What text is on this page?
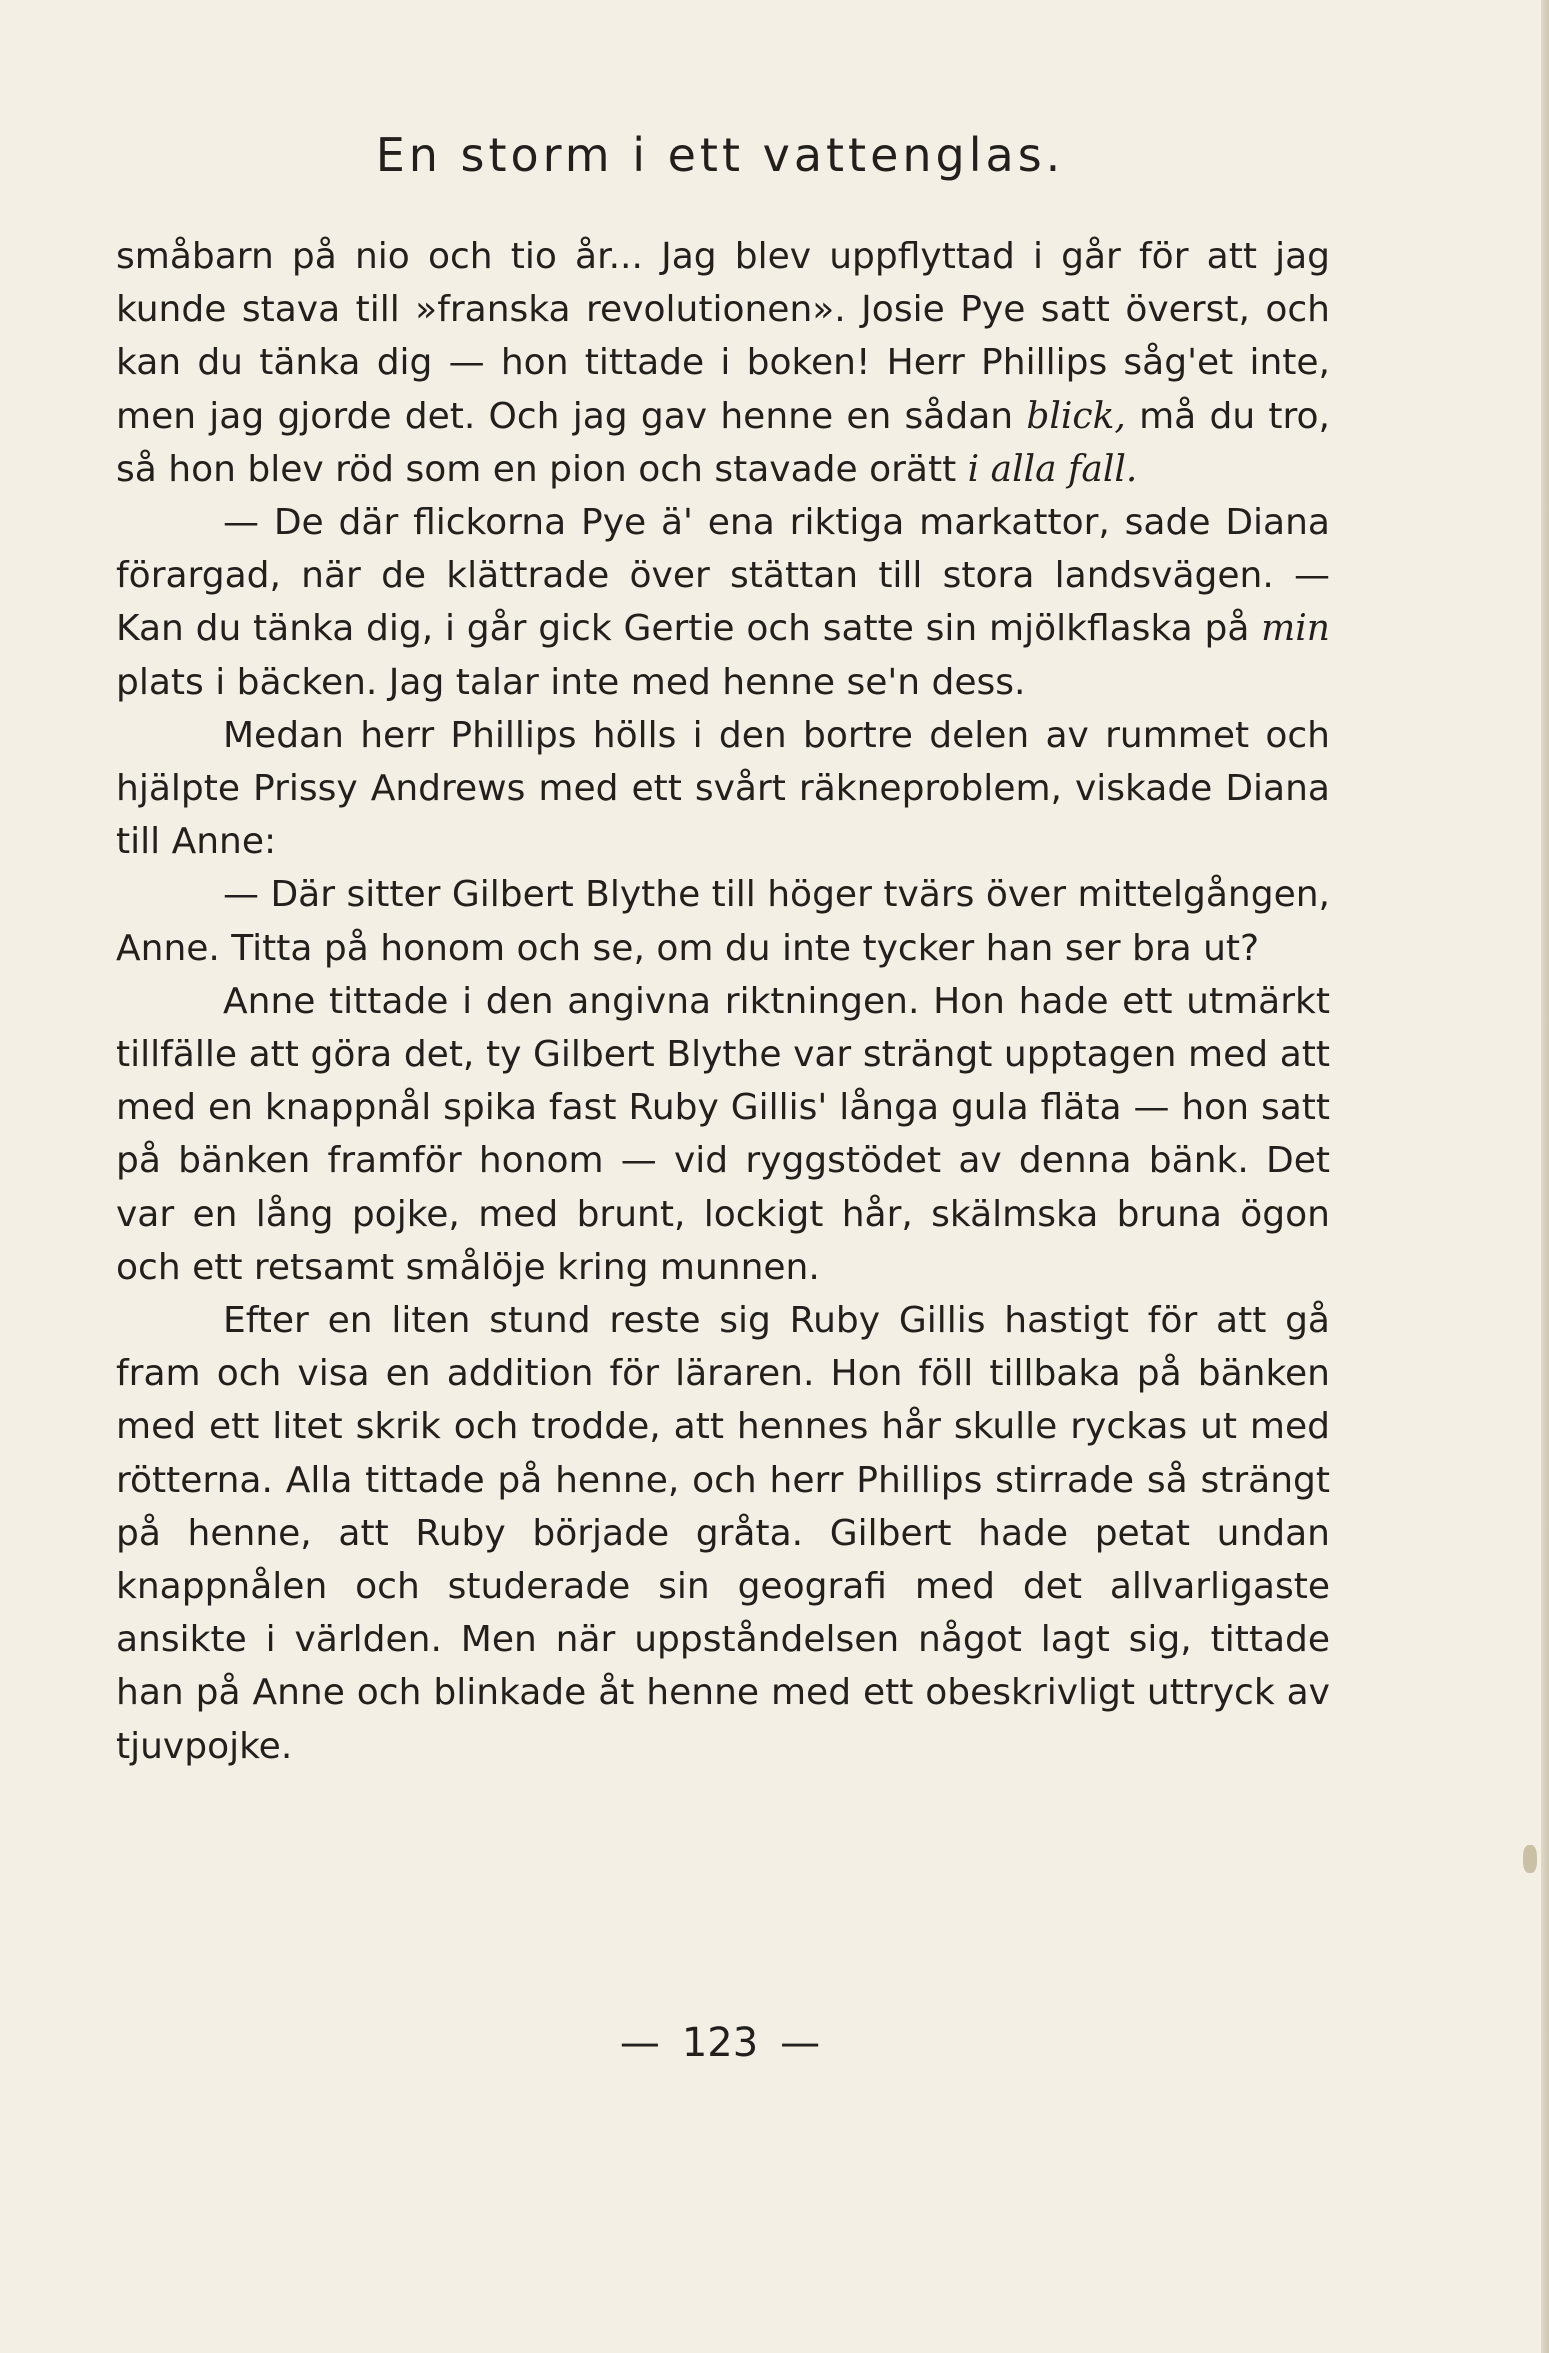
En storm i ett vattenglas.

småbarn på nio och tio år... Jag blev uppflyttad i går för att jag kunde stava till »franska revolutionen». Josie Pye satt överst, och kan du tänka dig — hon tittade i boken! Herr Phillips såg'et inte, men jag gjorde det. Och jag gav henne en sådan blick, må du tro, så hon blev röd som en pion och stavade orätt i alla fall.

— De där flickorna Pye ä' ena riktiga markattor, sade Diana förargad, när de klättrade över stättan till stora landsvägen. — Kan du tänka dig, i går gick Gertie och satte sin mjölkflaska på min plats i bäcken. Jag talar inte med henne se'n dess.

Medan herr Phillips hölls i den bortre delen av rummet och hjälpte Prissy Andrews med ett svårt räkneproblem, viskade Diana till Anne:

— Där sitter Gilbert Blythe till höger tvärs över mittelgången, Anne. Titta på honom och se, om du inte tycker han ser bra ut?

Anne tittade i den angivna riktningen. Hon hade ett utmärkt tillfälle att göra det, ty Gilbert Blythe var strängt upptagen med att med en knappnål spika fast Ruby Gillis' långa gula fläta — hon satt på bänken framför honom — vid ryggstödet av denna bänk. Det var en lång pojke, med brunt, lockigt hår, skälmska bruna ögon och ett retsamt smålöje kring munnen.

Efter en liten stund reste sig Ruby Gillis hastigt för att gå fram och visa en addition för läraren. Hon föll tillbaka på bänken med ett litet skrik och trodde, att hennes hår skulle ryckas ut med rötterna. Alla tittade på henne, och herr Phillips stirrade så strängt på henne, att Ruby började gråta. Gilbert hade petat undan knappnålen och studerade sin geografi med det allvarligaste ansikte i världen. Men när uppståndelsen något lagt sig, tittade han på Anne och blinkade åt henne med ett obeskrivligt uttryck av tjuvpojke.

— 123 —
